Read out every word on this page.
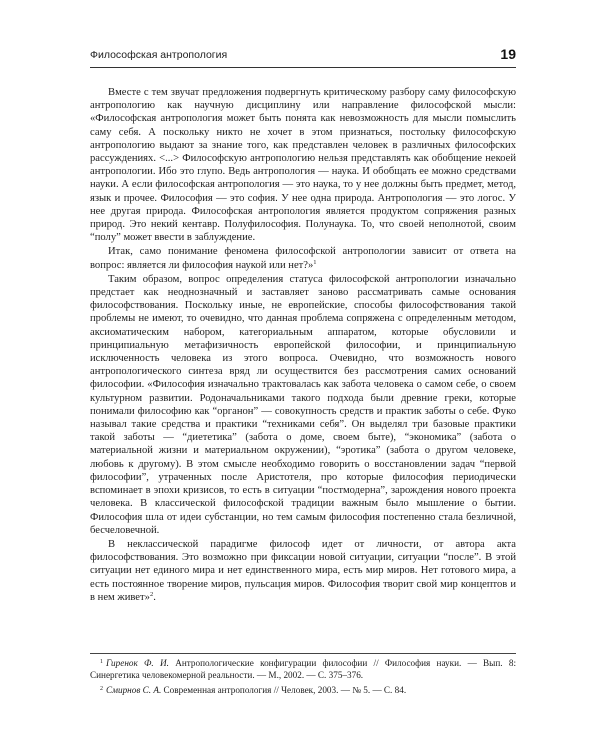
Философская антропология	19

Вместе с тем звучат предложения подвергнуть критическому разбору саму философскую антропологию как научную дисциплину или направление философской мысли: «Философская антропология может быть понята как невозможность для мысли помыслить саму себя. А поскольку никто не хочет в этом признаться, постольку философскую антропологию выдают за знание того, как представлен человек в различных философских рассуждениях. <...> Философскую антропологию нельзя представлять как обобщение некоей антропологии. Ибо это глупо. Ведь антропология — наука. И обобщать ее можно средствами науки. А если философская антропология — это наука, то у нее должны быть предмет, метод, язык и прочее. Философия — это софия. У нее одна природа. Антропология — это логос. У нее другая природа. Философская антропология является продуктом сопряжения разных природ. Это некий кентавр. Полуфилософия. Полунаука. То, что своей неполнотой, своим “полу” может ввести в заблуждение.

Итак, само понимание феномена философской антропологии зависит от ответа на вопрос: является ли философия наукой или нет?»$^1$

Таким образом, вопрос определения статуса философской антропологии изначально предстает как неоднозначный и заставляет заново рассматривать самые основания философствования. Поскольку иные, не европейские, способы философствования такой проблемы не имеют, то очевидно, что данная проблема сопряжена с определенным методом, аксиоматическим набором, категориальным аппаратом, которые обусловили и принципиальную метафизичность европейской философии, и принципиальную исключенность человека из этого вопроса. Очевидно, что возможность нового антропологического синтеза вряд ли осуществится без рассмотрения самих оснований философии. «Философия изначально трактовалась как забота человека о самом себе, о своем культурном развитии. Родоначальниками такого подхода были древние греки, которые понимали философию как “органон” — совокупность средств и практик заботы о себе. Фуко называл такие средства и практики “техниками себя”. Он выделял три базовые практики такой заботы — “диететика” (забота о доме, своем быте), “экономика” (забота о материальной жизни и материальном окружении), “эротика” (забота о другом человеке, любовь к другому). В этом смысле необходимо говорить о восстановлении задач “первой философии”, утраченных после Аристотеля, про которые философия периодически вспоминает в эпохи кризисов, то есть в ситуации “постмодерна”, зарождения нового проекта человека. В классической философской традиции важным было мышление о бытии. Философия шла от идеи субстанции, но тем самым философия постепенно стала безличной, бесчеловечной.

В неклассической парадигме философ идет от личности, от автора акта философствования. Это возможно при фиксации новой ситуации, ситуации “после”. В этой ситуации нет единого мира и нет единственного мира, есть мир миров. Нет готового мира, а есть постоянное творение миров, пульсация миров. Философия творит свой мир концептов и в нем живет»$^2$.

$^1$ Гиренок Ф. И. Антропологические конфигурации философии // Философия науки. — Вып. 8: Синергетика человекомерной реальности. — М., 2002. — С. 375–376.

$^2$ Смирнов С. А. Современная антропология // Человек, 2003. — № 5. — С. 84.
